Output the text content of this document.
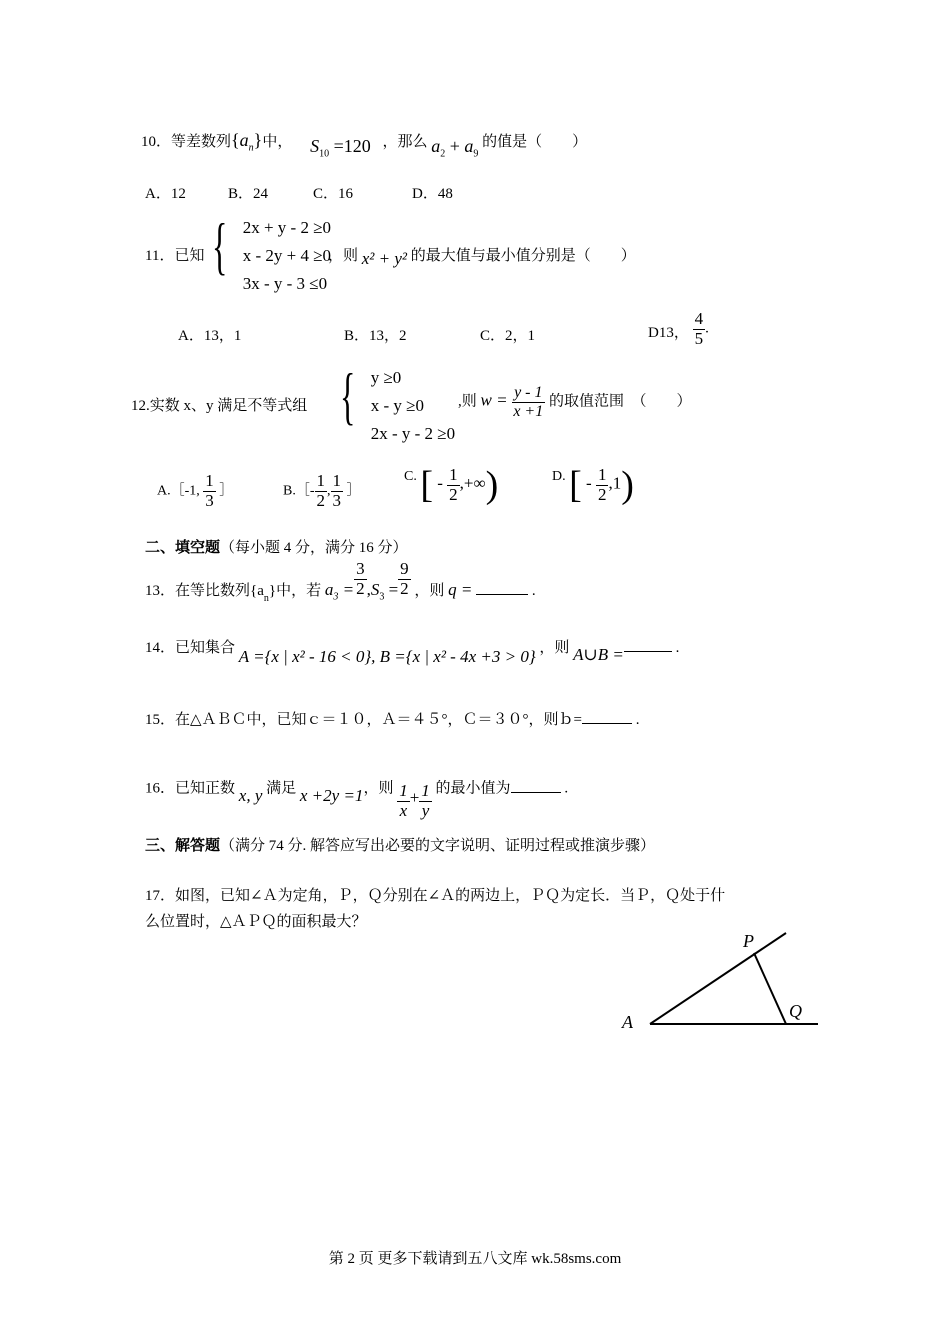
10．等差数列$\{a_n\}$中， $S_{10} =120$ ，那么 $a_2 + a_9$ 的值是（　　）
A．12	B．24	C．16	D．48
11．已知 { 2x + y - 2 ≥0
x - 2y + 4 ≥0
3x - y - 3 ≤0
，则 x² + y² 的最大值与最小值分别是（　　）
A．13，1	B．13，2	C．2，1	D13， $\frac{4}{5}$ .
12.实数 x、y 满足不等式组 { y ≥0
x - y ≥0
2x - y - 2 ≥0
,则 $w = \frac{y - 1}{x +1}$ 的取值范围　（　　）
A.［-1, $\frac{1}{3}$ ］	B.［- $\frac{1}{2}$ , $\frac{1}{3}$ ］
C. [ - $\frac{1}{2}$ ,+∞)	D. [ - $\frac{1}{2} ,1$)
二、填空题（每小题 4 分，满分 16 分）
13．在等比数列$\{a_n\}$中，若 $a_3 = \frac{3}{2} ,S_3 = \frac{9}{2}$ ，则 q =	.
14．已知集合 A ={x | x² - 16 < 0}, B ={x | x² - 4x +3 > 0} ，则 A∪B =	.
15．在△ＡＢＣ中，已知ｃ＝１０，Ａ＝４５°，Ｃ＝３０°，则ｂ=	.
16．已知正数 x, y 满足 x +2y =1，则 $\frac{1}{x} + \frac{1}{y}$ 的最小值为	.
三、解答题（满分 74 分. 解答应写出必要的文字说明、证明过程或推演步骤）
17．如图，已知∠Ａ为定角，Ｐ，Ｑ分别在∠Ａ的两边上，ＰＱ为定长．当Ｐ，Ｑ处于什
么位置时，△ＡＰＱ的面积最大？
A
P
Q
第 2 页 更多下载请到五八文库 wk.58sms.com
